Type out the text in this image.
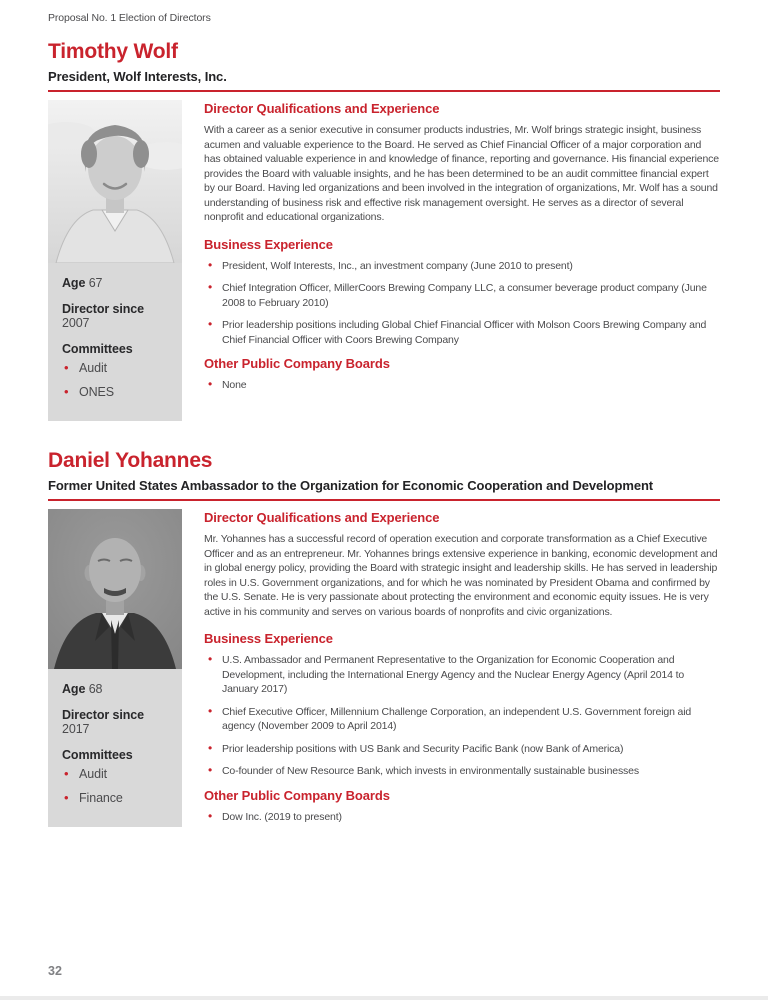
Proposal No. 1 Election of Directors
Timothy Wolf
President, Wolf Interests, Inc.
Age 67
Director since 2007
Committees
• Audit
• ONES
Director Qualifications and Experience

With a career as a senior executive in consumer products industries, Mr. Wolf brings strategic insight, business acumen and valuable experience to the Board. He served as Chief Financial Officer of a major corporation and has obtained valuable experience in and knowledge of finance, reporting and governance. His financial experience provides the Board with valuable insights, and he has been determined to be an audit committee financial expert by our Board. Having led organizations and been involved in the integration of organizations, Mr. Wolf has a sound understanding of business risk and effective risk management oversight. He serves as a director of several nonprofit and educational organizations.

Business Experience
• President, Wolf Interests, Inc., an investment company (June 2010 to present)
• Chief Integration Officer, MillerCoors Brewing Company LLC, a consumer beverage product company (June 2008 to February 2010)
• Prior leadership positions including Global Chief Financial Officer with Molson Coors Brewing Company and Chief Financial Officer with Coors Brewing Company
Other Public Company Boards
• None
Daniel Yohannes
Former United States Ambassador to the Organization for Economic Cooperation and Development
Age 68
Director since 2017
Committees
• Audit
• Finance
Director Qualifications and Experience

Mr. Yohannes has a successful record of operation execution and corporate transformation as a Chief Executive Officer and as an entrepreneur. Mr. Yohannes brings extensive experience in banking, economic development and in global energy policy, providing the Board with strategic insight and leadership skills. He has served in leadership roles in U.S. Government organizations, and for which he was nominated by President Obama and confirmed by the U.S. Senate. He is very passionate about protecting the environment and economic equity issues. He is very active in his community and serves on various boards of nonprofits and civic organizations.

Business Experience
• U.S. Ambassador and Permanent Representative to the Organization for Economic Cooperation and Development, including the International Energy Agency and the Nuclear Energy Agency (April 2014 to January 2017)
• Chief Executive Officer, Millennium Challenge Corporation, an independent U.S. Government foreign aid agency (November 2009 to April 2014)
• Prior leadership positions with US Bank and Security Pacific Bank (now Bank of America)
• Co-founder of New Resource Bank, which invests in environmentally sustainable businesses
Other Public Company Boards
• Dow Inc. (2019 to present)
32
